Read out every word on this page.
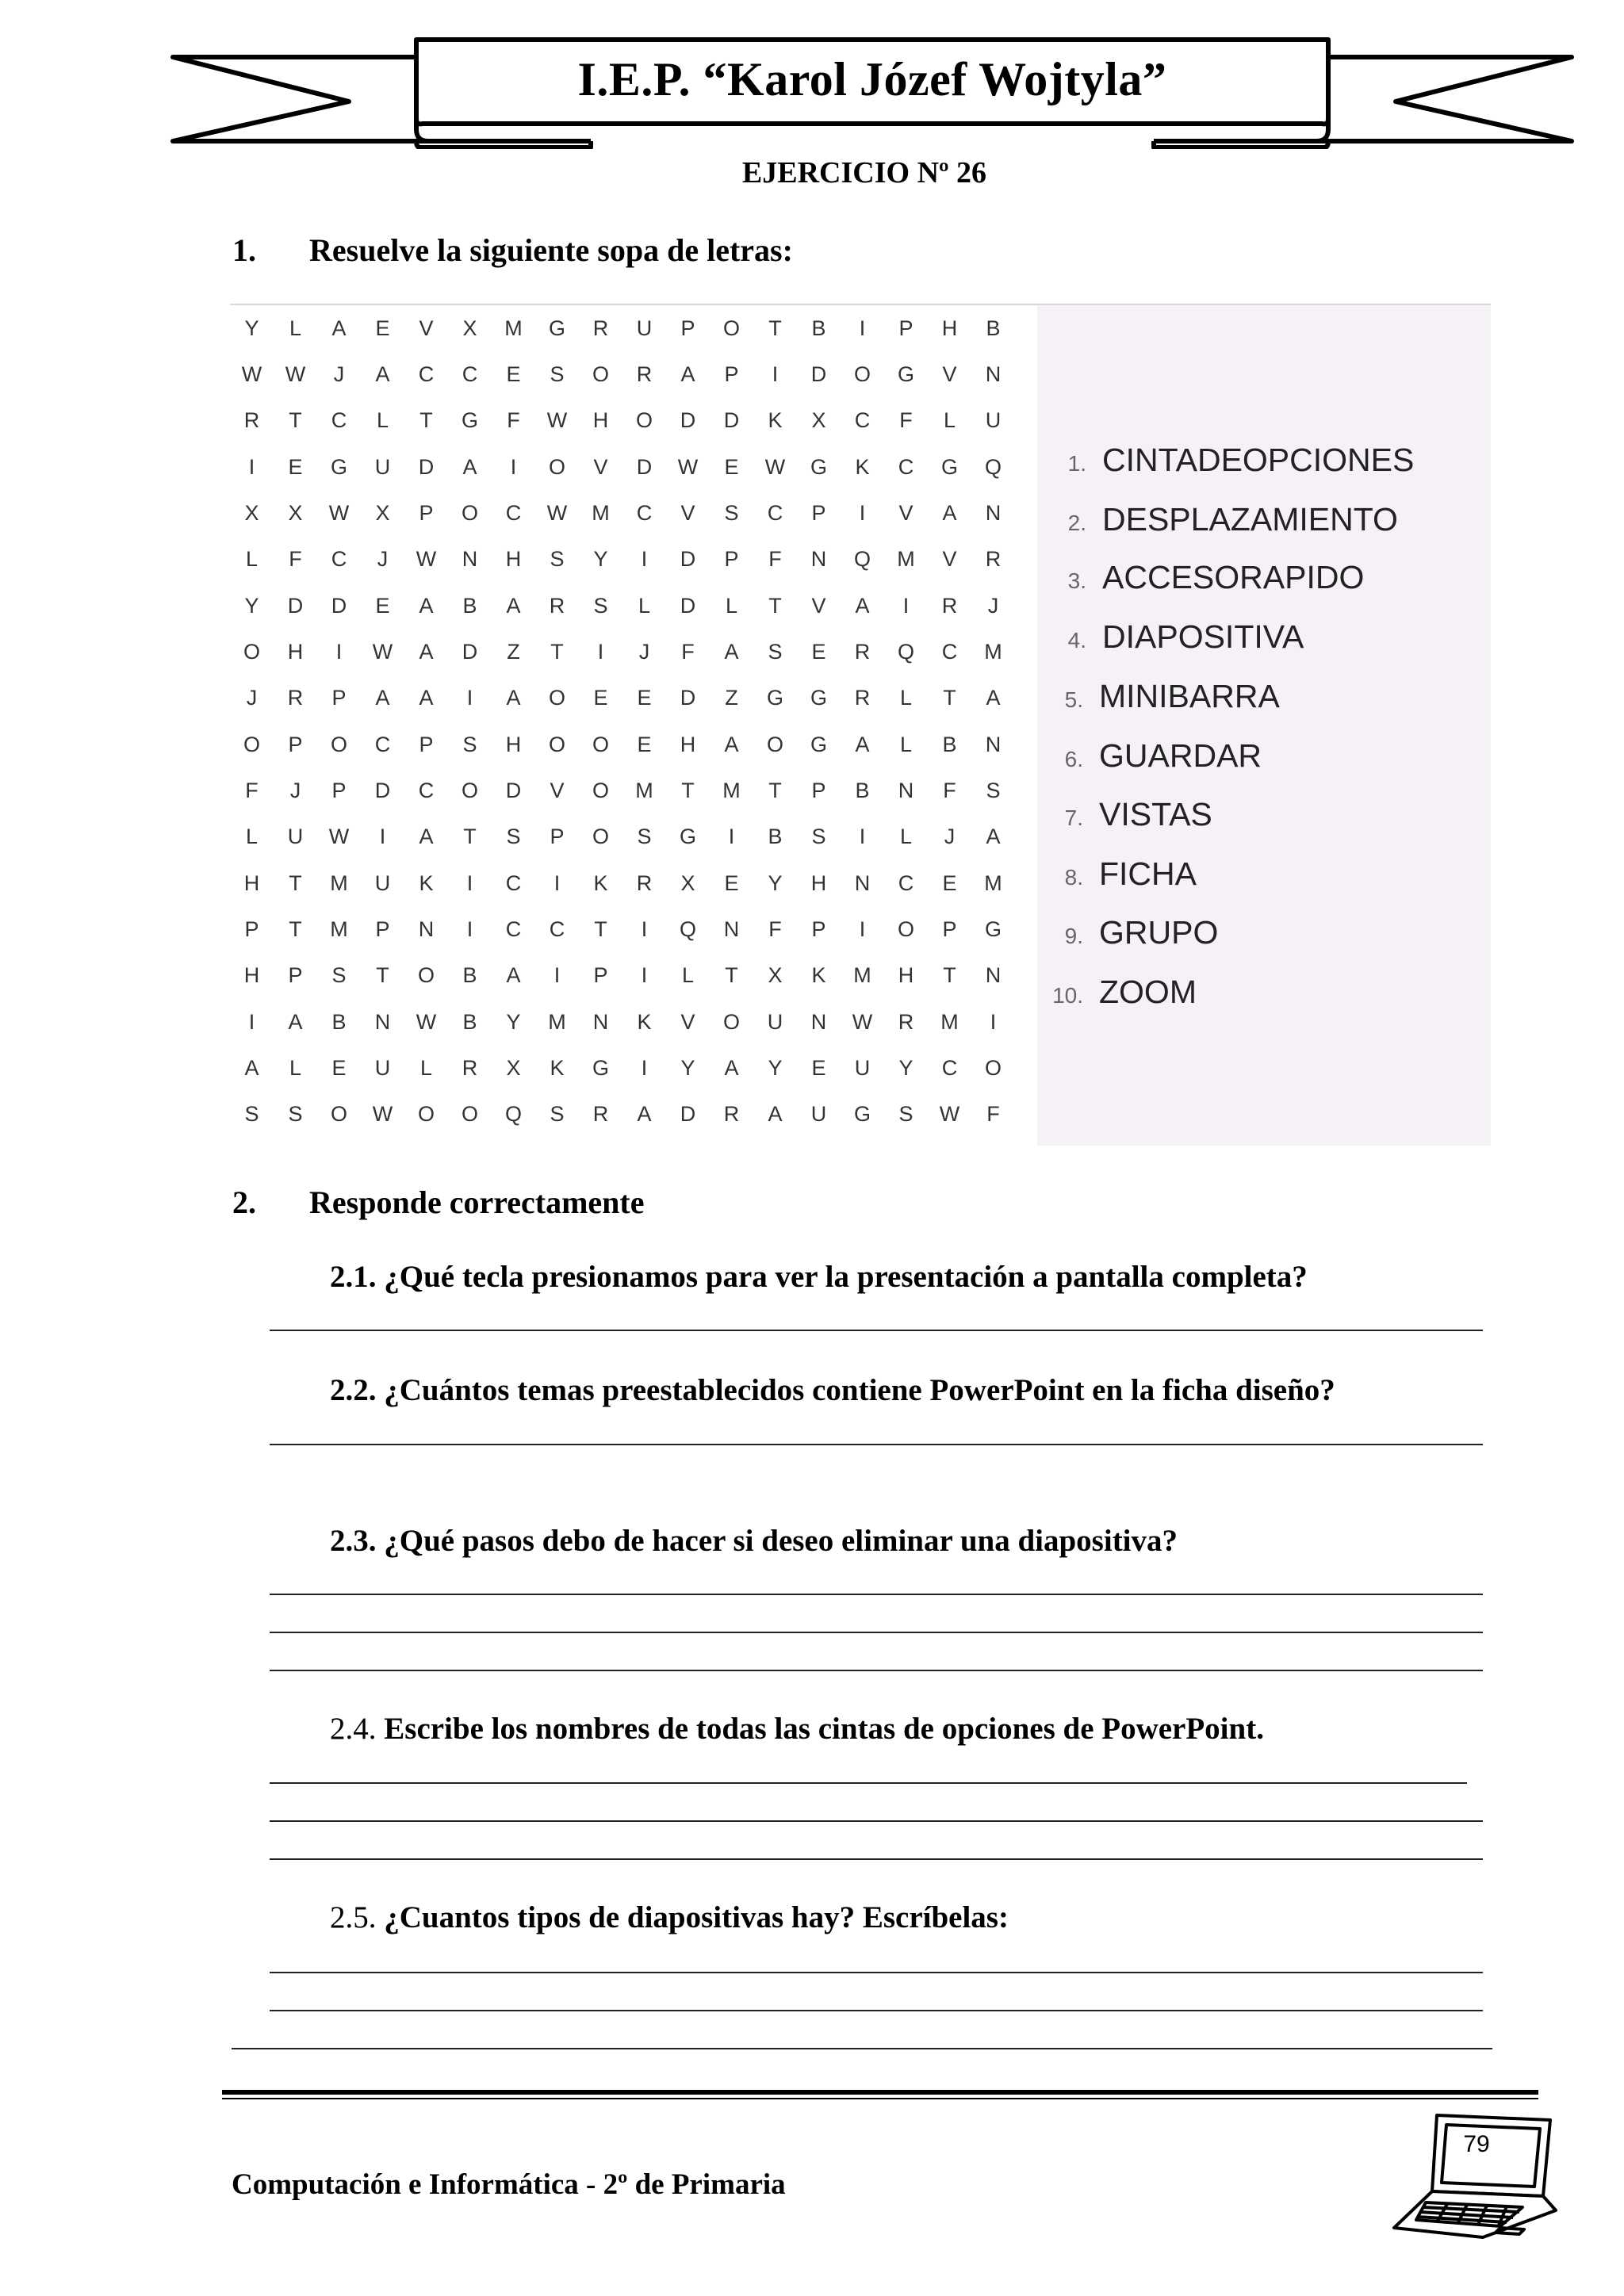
I.E.P. “Karol Józef Wojtyla”
EJERCICIO Nº 26
1. Resuelve la siguiente sopa de letras:
Y	L	A	E	V	X	M	G	R	U	P	O	T	B	I	P	H	B
W	W	J	A	C	C	E	S	O	R	A	P	I	D	O	G	V	N
R	T	C	L	T	G	F	W	H	O	D	D	K	X	C	F	L	U
I	E	G	U	D	A	I	O	V	D	W	E	W	G	K	C	G	Q
X	X	W	X	P	O	C	W	M	C	V	S	C	P	I	V	A	N
L	F	C	J	W	N	H	S	Y	I	D	P	F	N	Q	M	V	R
Y	D	D	E	A	B	A	R	S	L	D	L	T	V	A	I	R	J
O	H	I	W	A	D	Z	T	I	J	F	A	S	E	R	Q	C	M
J	R	P	A	A	I	A	O	E	E	D	Z	G	G	R	L	T	A
O	P	O	C	P	S	H	O	O	E	H	A	O	G	A	L	B	N
F	J	P	D	C	O	D	V	O	M	T	M	T	P	B	N	F	S
L	U	W	I	A	T	S	P	O	S	G	I	B	S	I	L	J	A
H	T	M	U	K	I	C	I	K	R	X	E	Y	H	N	C	E	M
P	T	M	P	N	I	C	C	T	I	Q	N	F	P	I	O	P	G
H	P	S	T	O	B	A	I	P	I	L	T	X	K	M	H	T	N
I	A	B	N	W	B	Y	M	N	K	V	O	U	N	W	R	M	I
A	L	E	U	L	R	X	K	G	I	Y	A	Y	E	U	Y	C	O
S	S	O	W	O	O	Q	S	R	A	D	R	A	U	G	S	W	F
1. CINTADEOPCIONES
2. DESPLAZAMIENTO
3. ACCESORAPIDO
4. DIAPOSITIVA
5. MINIBARRA
6. GUARDAR
7. VISTAS
8. FICHA
9. GRUPO
10. ZOOM
2. Responde correctamente
2.1. ¿Qué tecla presionamos para ver la presentación a pantalla completa?
2.2. ¿Cuántos temas preestablecidos contiene PowerPoint en la ficha diseño?
2.3. ¿Qué pasos debo de hacer si deseo eliminar una diapositiva?
2.4. Escribe los nombres de todas las cintas de opciones de PowerPoint.
2.5. ¿Cuantos tipos de diapositivas hay? Escríbelas:
Computación e Informática - 2º de Primaria
79
